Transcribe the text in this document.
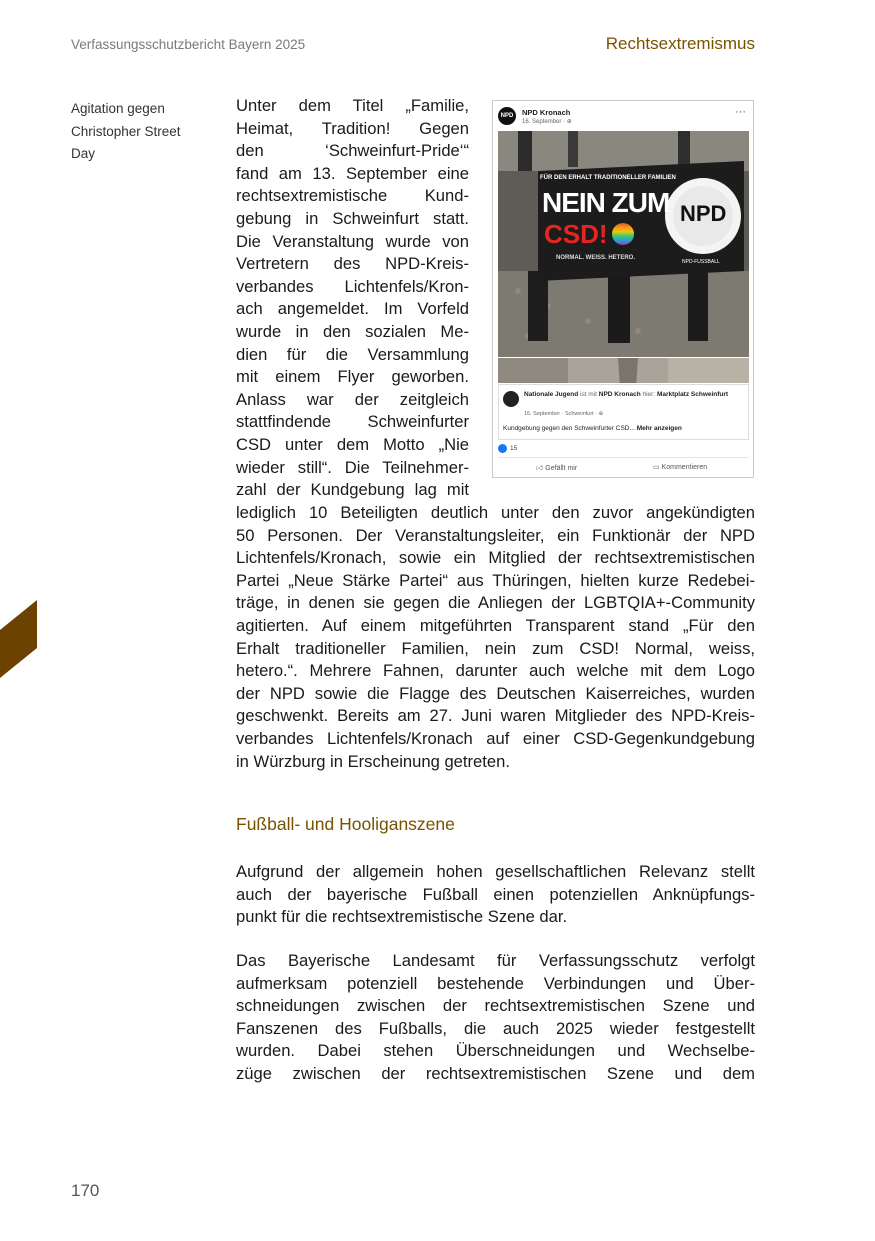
Verfassungsschutzbericht Bayern 2025	Rechtsextremismus
Agitation gegen
Christopher Street
Day
Unter dem Titel „Familie,
Heimat, Tradition! Gegen
den ‘Schweinfurt-Pride‘“
fand am 13. September eine
rechtsextremistische Kund-
gebung in Schweinfurt statt.
Die Veranstaltung wurde von
Vertretern des NPD-Kreis-
verbandes Lichtenfels/Kron-
ach angemeldet. Im Vorfeld
wurde in den sozialen Me-
dien für die Versammlung
mit einem Flyer geworben.
Anlass war der zeitgleich
stattfindende Schweinfurter
CSD unter dem Motto „Nie
wieder still“. Die Teilnehmer-
zahl der Kundgebung lag mit
lediglich 10 Beteiligten deutlich unter den zuvor angekündigten
50 Personen. Der Veranstaltungsleiter, ein Funktionär der NPD
Lichtenfels/Kronach, sowie ein Mitglied der rechtsextremistischen
Partei „Neue Stärke Partei“ aus Thüringen, hielten kurze Redebei-
träge, in denen sie gegen die Anliegen der LGBTQIA+-Community
agitierten. Auf einem mitgeführten Transparent stand „Für den
Erhalt traditioneller Familien, nein zum CSD! Normal, weiss,
hetero.“. Mehrere Fahnen, darunter auch welche mit dem Logo
der NPD sowie die Flagge des Deutschen Kaiserreiches, wurden
geschwenkt. Bereits am 27. Juni waren Mitglieder des NPD-Kreis-
verbandes Lichtenfels/Kronach auf einer CSD-Gegenkundgebung
in Würzburg in Erscheinung getreten.
Fußball- und Hooliganszene
Aufgrund der allgemein hohen gesellschaftlichen Relevanz stellt
auch der bayerische Fußball einen potenziellen Anknüpfungs-
punkt für die rechtsextremistische Szene dar.
Das Bayerische Landesamt für Verfassungsschutz verfolgt
aufmerksam potenziell bestehende Verbindungen und Über-
schneidungen zwischen der rechtsextremistischen Szene und
Fanszenen des Fußballs, die auch 2025 wieder festgestellt
wurden. Dabei stehen Überschneidungen und Wechselbe-
züge zwischen der rechtsextremistischen Szene und dem
170
NPD	NPD Kronach
16. September · ⊕
···
FÜR DEN ERHALT TRADITIONELLER FAMILIEN
NEIN ZUM
CSD!
NORMAL. WEISS. HETERO.
NPD
NPD-FUSSBALL
Nationale Jugend ist mit NPD Kronach hier: Marktplatz Schweinfurt
16. September · Schweinfurt · ⊕
Kundgebung gegen den Schweinfurter CSD... Mehr anzeigen
15
👍︎ Gefällt mir	▭ Kommentieren
